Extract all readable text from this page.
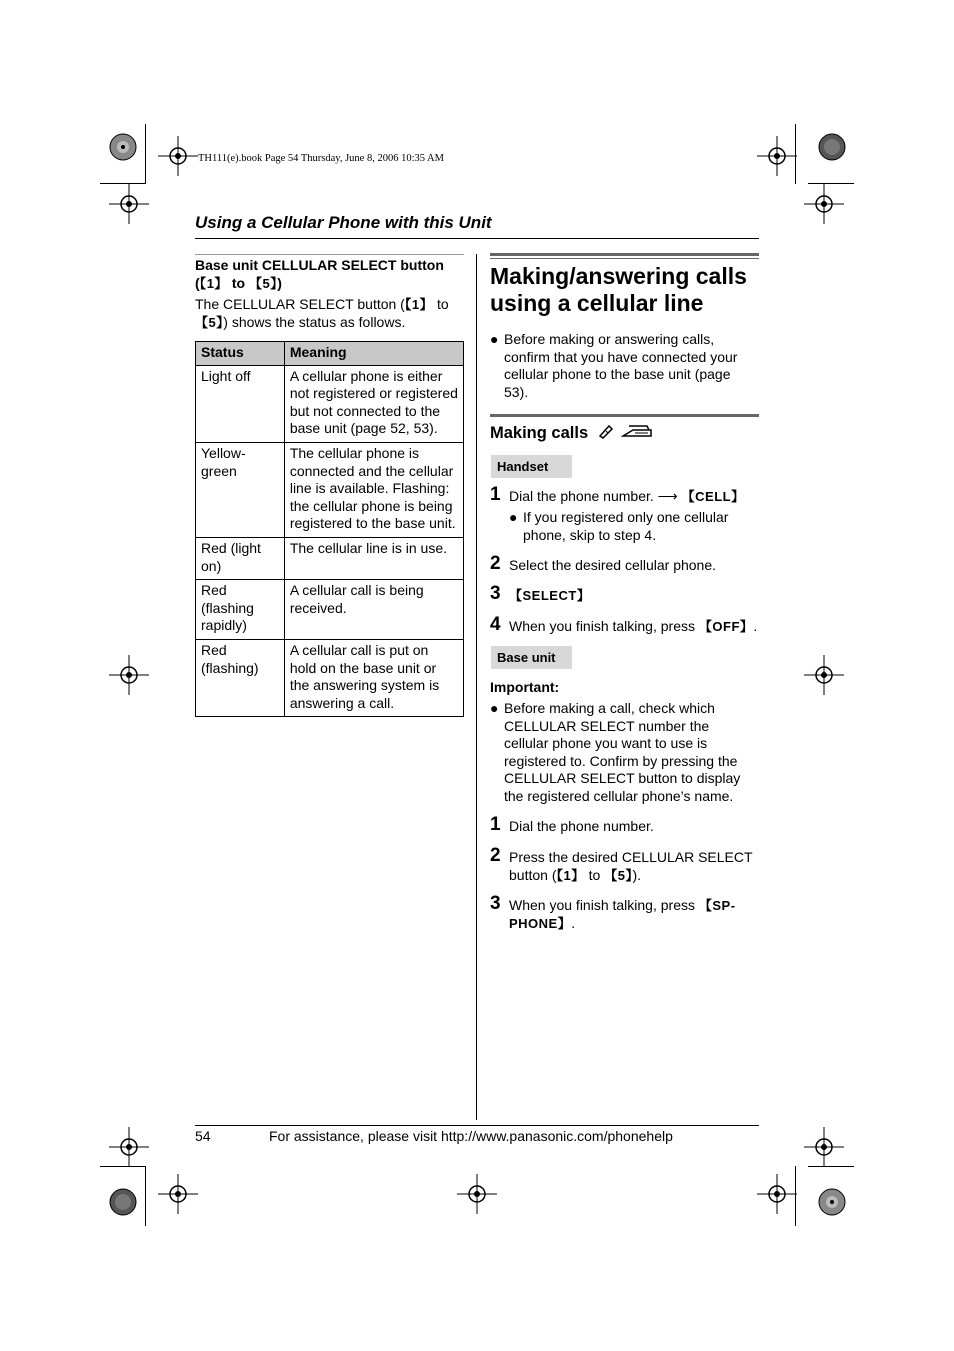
TH111(e).book Page 54 Thursday, June 8, 2006 10:35 AM
Using a Cellular Phone with this Unit
Base unit CELLULAR SELECT button
(【1】 to 【5】)
The CELLULAR SELECT button (【1】 to
【5】) shows the status as follows.
Status	Meaning
Light off	A cellular phone is either not registered or registered but not connected to the base unit (page 52, 53).
Yellow-green	The cellular phone is connected and the cellular line is available. Flashing: the cellular phone is being registered to the base unit.
Red (light on)	The cellular line is in use.
Red (flashing rapidly)	A cellular call is being received.
Red (flashing)	A cellular call is put on hold on the base unit or the answering system is answering a call.
Making/answering calls using a cellular line
● Before making or answering calls, confirm that you have connected your cellular phone to the base unit (page 53).
Making calls
Handset
1 Dial the phone number. ⟶ 【CELL】
● If you registered only one cellular phone, skip to step 4.
2 Select the desired cellular phone.
3 【SELECT】
4 When you finish talking, press 【OFF】.
Base unit
Important:
● Before making a call, check which CELLULAR SELECT number the cellular phone you want to use is registered to. Confirm by pressing the CELLULAR SELECT button to display the registered cellular phone’s name.
1 Dial the phone number.
2 Press the desired CELLULAR SELECT button (【1】 to 【5】).
3 When you finish talking, press 【SP-PHONE】.
54	For assistance, please visit http://www.panasonic.com/phonehelp
